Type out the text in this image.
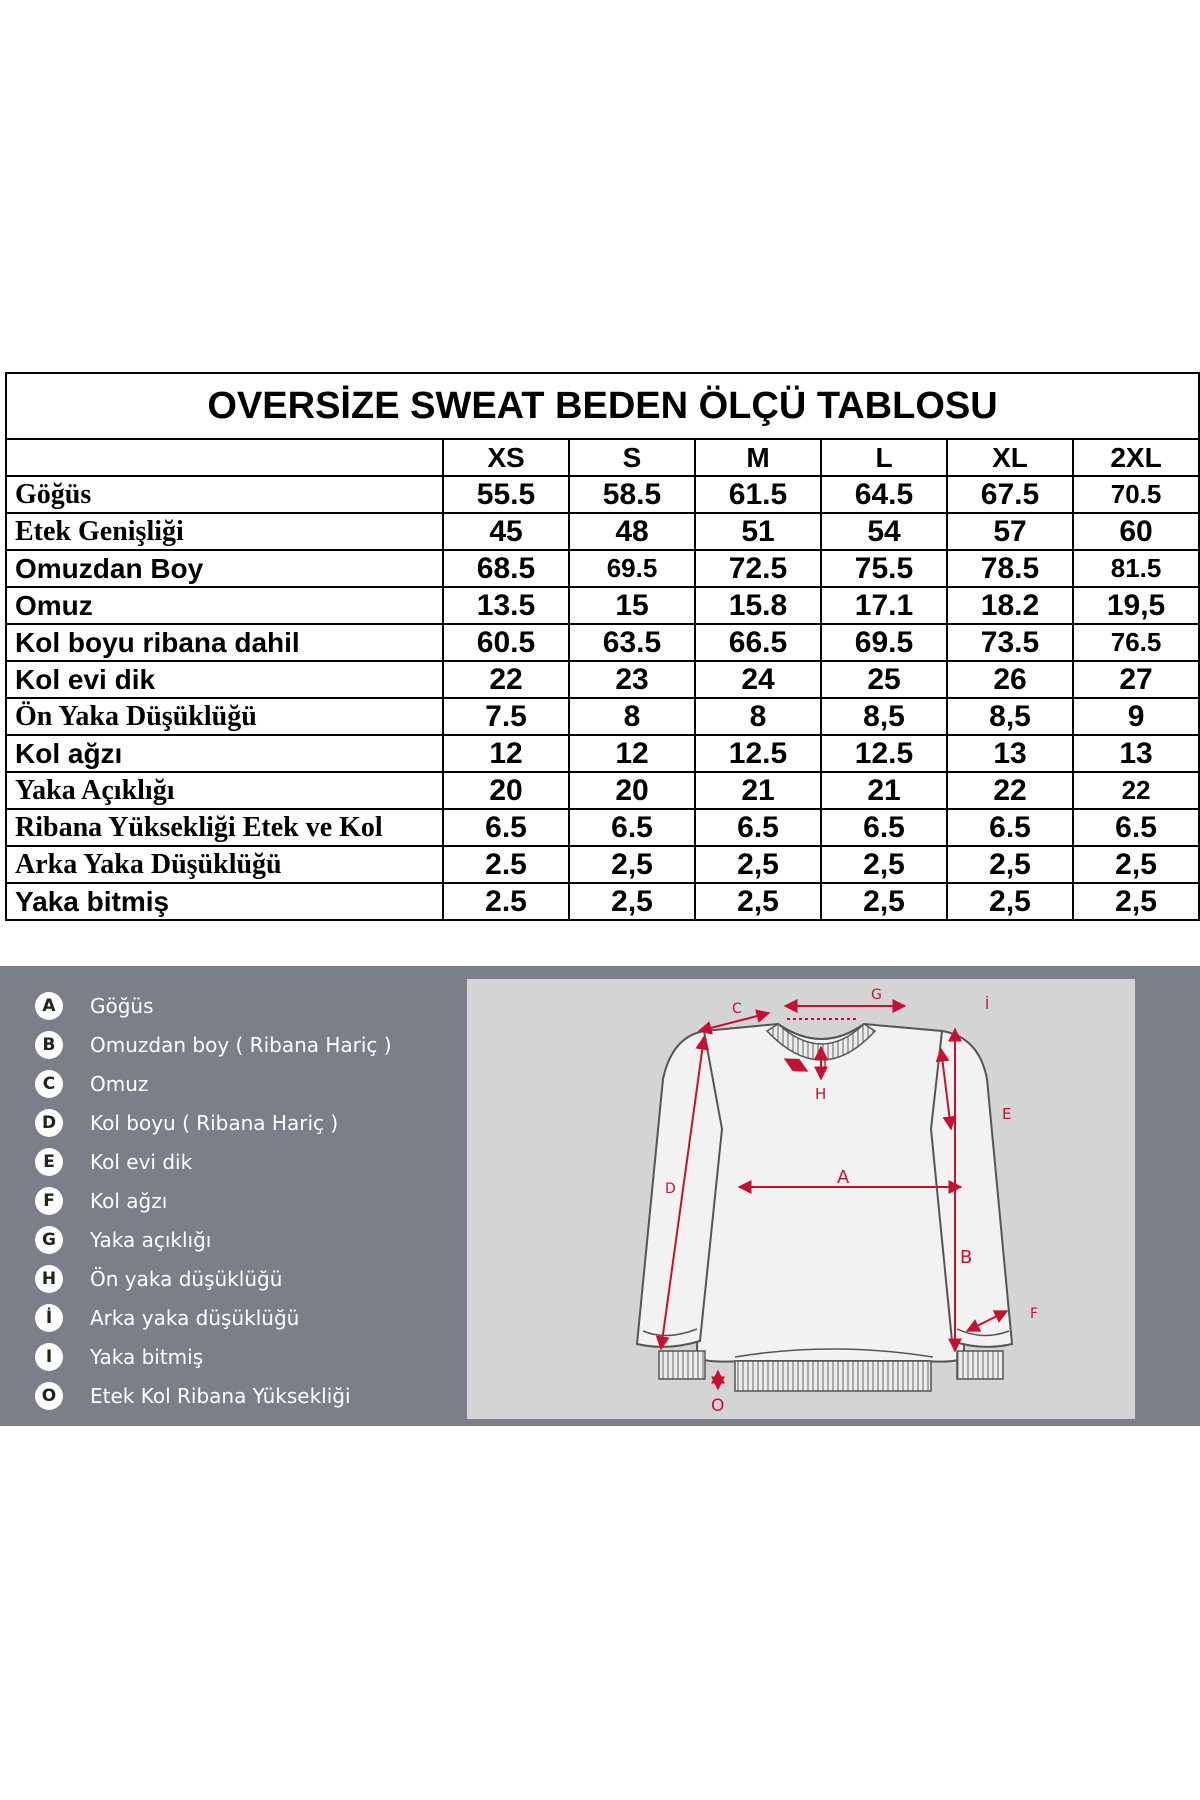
OVERSİZE SWEAT BEDEN ÖLÇÜ TABLOSU						
	XS	S	M	L	XL	2XL
Göğüs	55.5	58.5	61.5	64.5	67.5	70.5
Etek Genişliği	45	48	51	54	57	60
Omuzdan Boy	68.5	69.5	72.5	75.5	78.5	81.5
Omuz	13.5	15	15.8	17.1	18.2	19,5
Kol boyu ribana dahil	60.5	63.5	66.5	69.5	73.5	76.5
Kol evi dik	22	23	24	25	26	27
Ön Yaka Düşüklüğü	7.5	8	8	8,5	8,5	9
Kol ağzı	12	12	12.5	12.5	13	13
Yaka Açıklığı	20	20	21	21	22	22
Ribana Yüksekliği Etek ve Kol	6.5	6.5	6.5	6.5	6.5	6.5
Arka Yaka Düşüklüğü	2.5	2,5	2,5	2,5	2,5	2,5
Yaka bitmiş	2.5	2,5	2,5	2,5	2,5	2,5
A	Göğüs
B	Omuzdan boy ( Ribana Hariç )
C	Omuz
D	Kol boyu ( Ribana Hariç )
E	Kol evi dik
F	Kol ağzı
G	Yaka açıklığı
H	Ön yaka düşüklüğü
İ	Arka yaka düşüklüğü
I	Yaka bitmiş
O	Etek Kol Ribana Yüksekliği
A
B
C
D
E
F
G
H
İ
I
O
